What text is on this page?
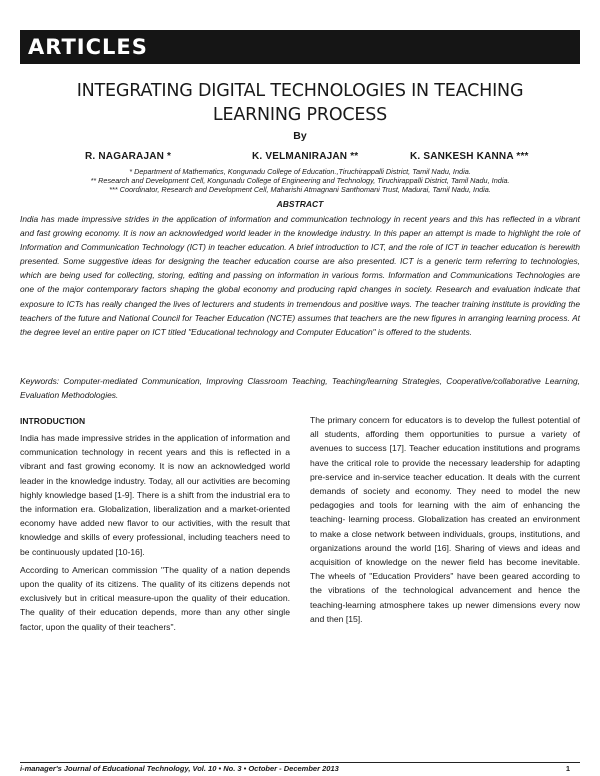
ARTICLES
INTEGRATING DIGITAL TECHNOLOGIES IN TEACHING
LEARNING PROCESS
By
R. NAGARAJAN *	K. VELMANIRAJAN **	K. SANKESH KANNA ***
* Department of Mathematics, Kongunadu College of Education.,Tiruchirappalli District, Tamil Nadu, India.
** Research and Development Cell, Kongunadu College of Engineering and Technology, Tiruchirappalli District, Tamil Nadu, India.
*** Coordinator, Research and Development Cell, Maharishi Atmagnani Santhomani Trust, Madurai, Tamil Nadu, India.
ABSTRACT
India has made impressive strides in the application of information and communication technology in recent years and this has reflected in a vibrant and fast growing economy. It is now an acknowledged world leader in the knowledge industry. In this paper an attempt is made to highlight the role of Information and Communication Technology (ICT) in teacher education. A brief introduction to ICT, and the role of ICT in teacher education is herewith presented. Some suggestive ideas for designing the teacher education course are also presented. ICT is a generic term referring to technologies, which are being used for collecting, storing, editing and passing on information in various forms. Information and Communications Technologies are one of the major contemporary factors shaping the global economy and producing rapid changes in society. Research and evaluation indicate that exposure to ICTs has really changed the lives of lecturers and students in tremendous and positive ways. The teacher training institute is providing the teachers of the future and National Council for Teacher Education (NCTE) assumes that teachers are the new figures in arranging learning process. At the degree level an entire paper on ICT titled "Educational technology and Computer Education" is offered to the students.
Keywords: Computer-mediated Communication, Improving Classroom Teaching, Teaching/learning Strategies, Cooperative/collaborative Learning, Evaluation Methodologies.
INTRODUCTION

India has made impressive strides in the application of information and communication technology in recent years and this is reflected in a vibrant and fast growing economy. It is now an acknowledged world leader in the knowledge industry. Today, all our activities are becoming highly knowledge based [1-9]. There is a shift from the industrial era to the information era. Globalization, liberalization and a market-oriented economy have added new flavor to our activities, with the result that knowledge and skills of every professional, including teachers need to be continuously updated [10-16].

According to American commission "The quality of a nation depends upon the quality of its citizens. The quality of its citizens depends not exclusively but in critical measure-upon the quality of their education. The quality of their education depends, more than any other single factor, upon the quality of their teachers".

The primary concern for educators is to develop the fullest potential of all students, affording them opportunities to pursue a variety of avenues to success [17]. Teacher education institutions and programs have the critical role to provide the necessary leadership for adapting pre-service and in-service teacher education. It deals with the current demands of society and economy. They need to model the new pedagogies and tools for learning with the aim of enhancing the teaching- learning process. Globalization has created an environment to make a close network between individuals, groups, institutions, and organizations around the world [16]. Sharing of views and ideas and acquisition of knowledge on the newer field has become inevitable. The wheels of "Education Providers" have been geared according to the vibrations of the technological advancement and hence the teaching-learning atmosphere takes up newer dimensions every now and then [15].

i-manager's Journal of Educational Technology, Vol. 10 • No. 3 • October - December 2013	1
